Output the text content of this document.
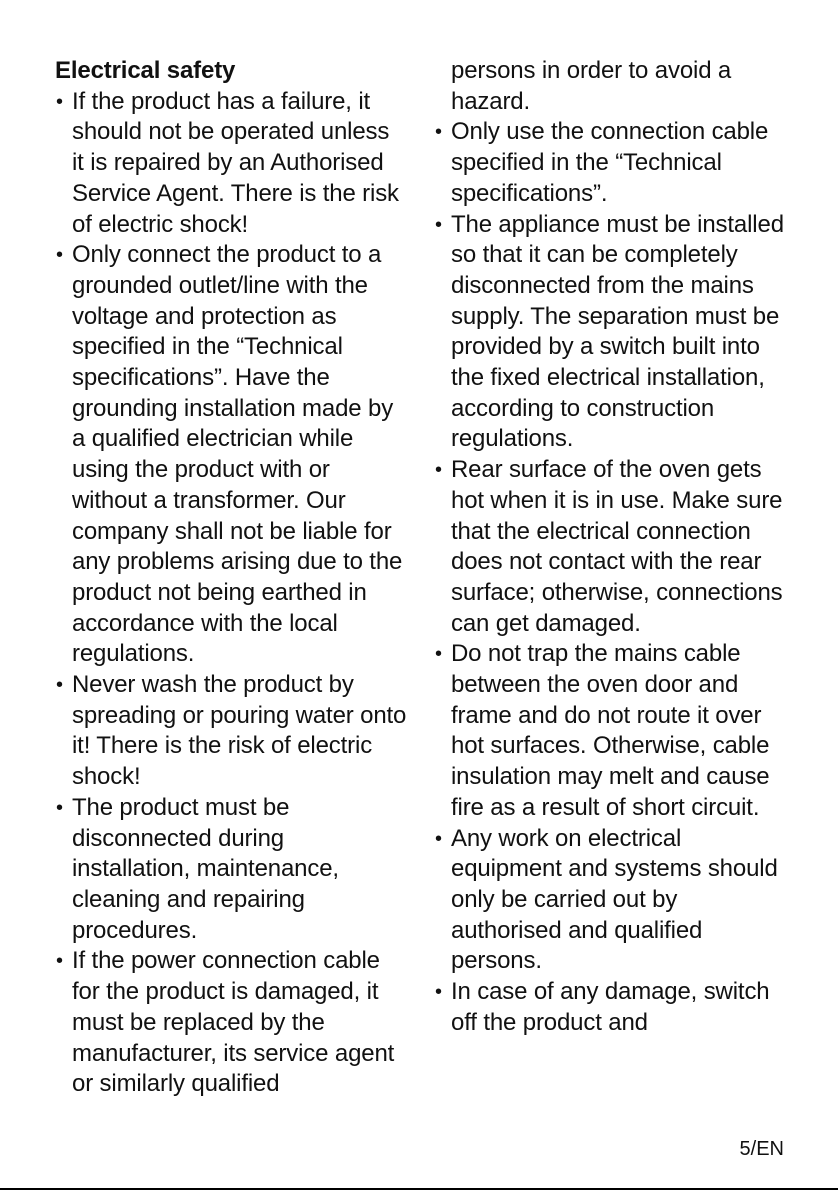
Electrical safety
• If the product has a failure, it should not be operated unless it is repaired by an Authorised Service Agent. There is the risk of electric shock!
• Only connect the product to a grounded outlet/line with the voltage and protection as specified in the “Technical specifications”. Have the grounding installation made by a qualified electrician while using the product with or without a transformer. Our company shall not be liable for any problems arising due to the product not being earthed in accordance with the local regulations.
• Never wash the product by spreading or pouring water onto it! There is the risk of electric shock!
• The product must be disconnected during installation, maintenance, cleaning and repairing procedures.
• If the power connection cable for the product is damaged, it must be replaced by the manufacturer, its service agent or similarly qualified
persons in order to avoid a hazard.
• Only use the connection cable specified in the “Technical specifications”.
• The appliance must be installed so that it can be completely disconnected from the mains supply. The separation must be provided by a switch built into the fixed electrical installation, according to construction regulations.
• Rear surface of the oven gets hot when it is in use. Make sure that the electrical connection does not contact with the rear surface; otherwise, connections can get damaged.
• Do not trap the mains cable between the oven door and frame and do not route it over hot surfaces. Otherwise, cable insulation may melt and cause fire as a result of short circuit.
• Any work on electrical equipment and systems should only be carried out by authorised and qualified persons.
• In case of any damage, switch off the product and
5/EN
